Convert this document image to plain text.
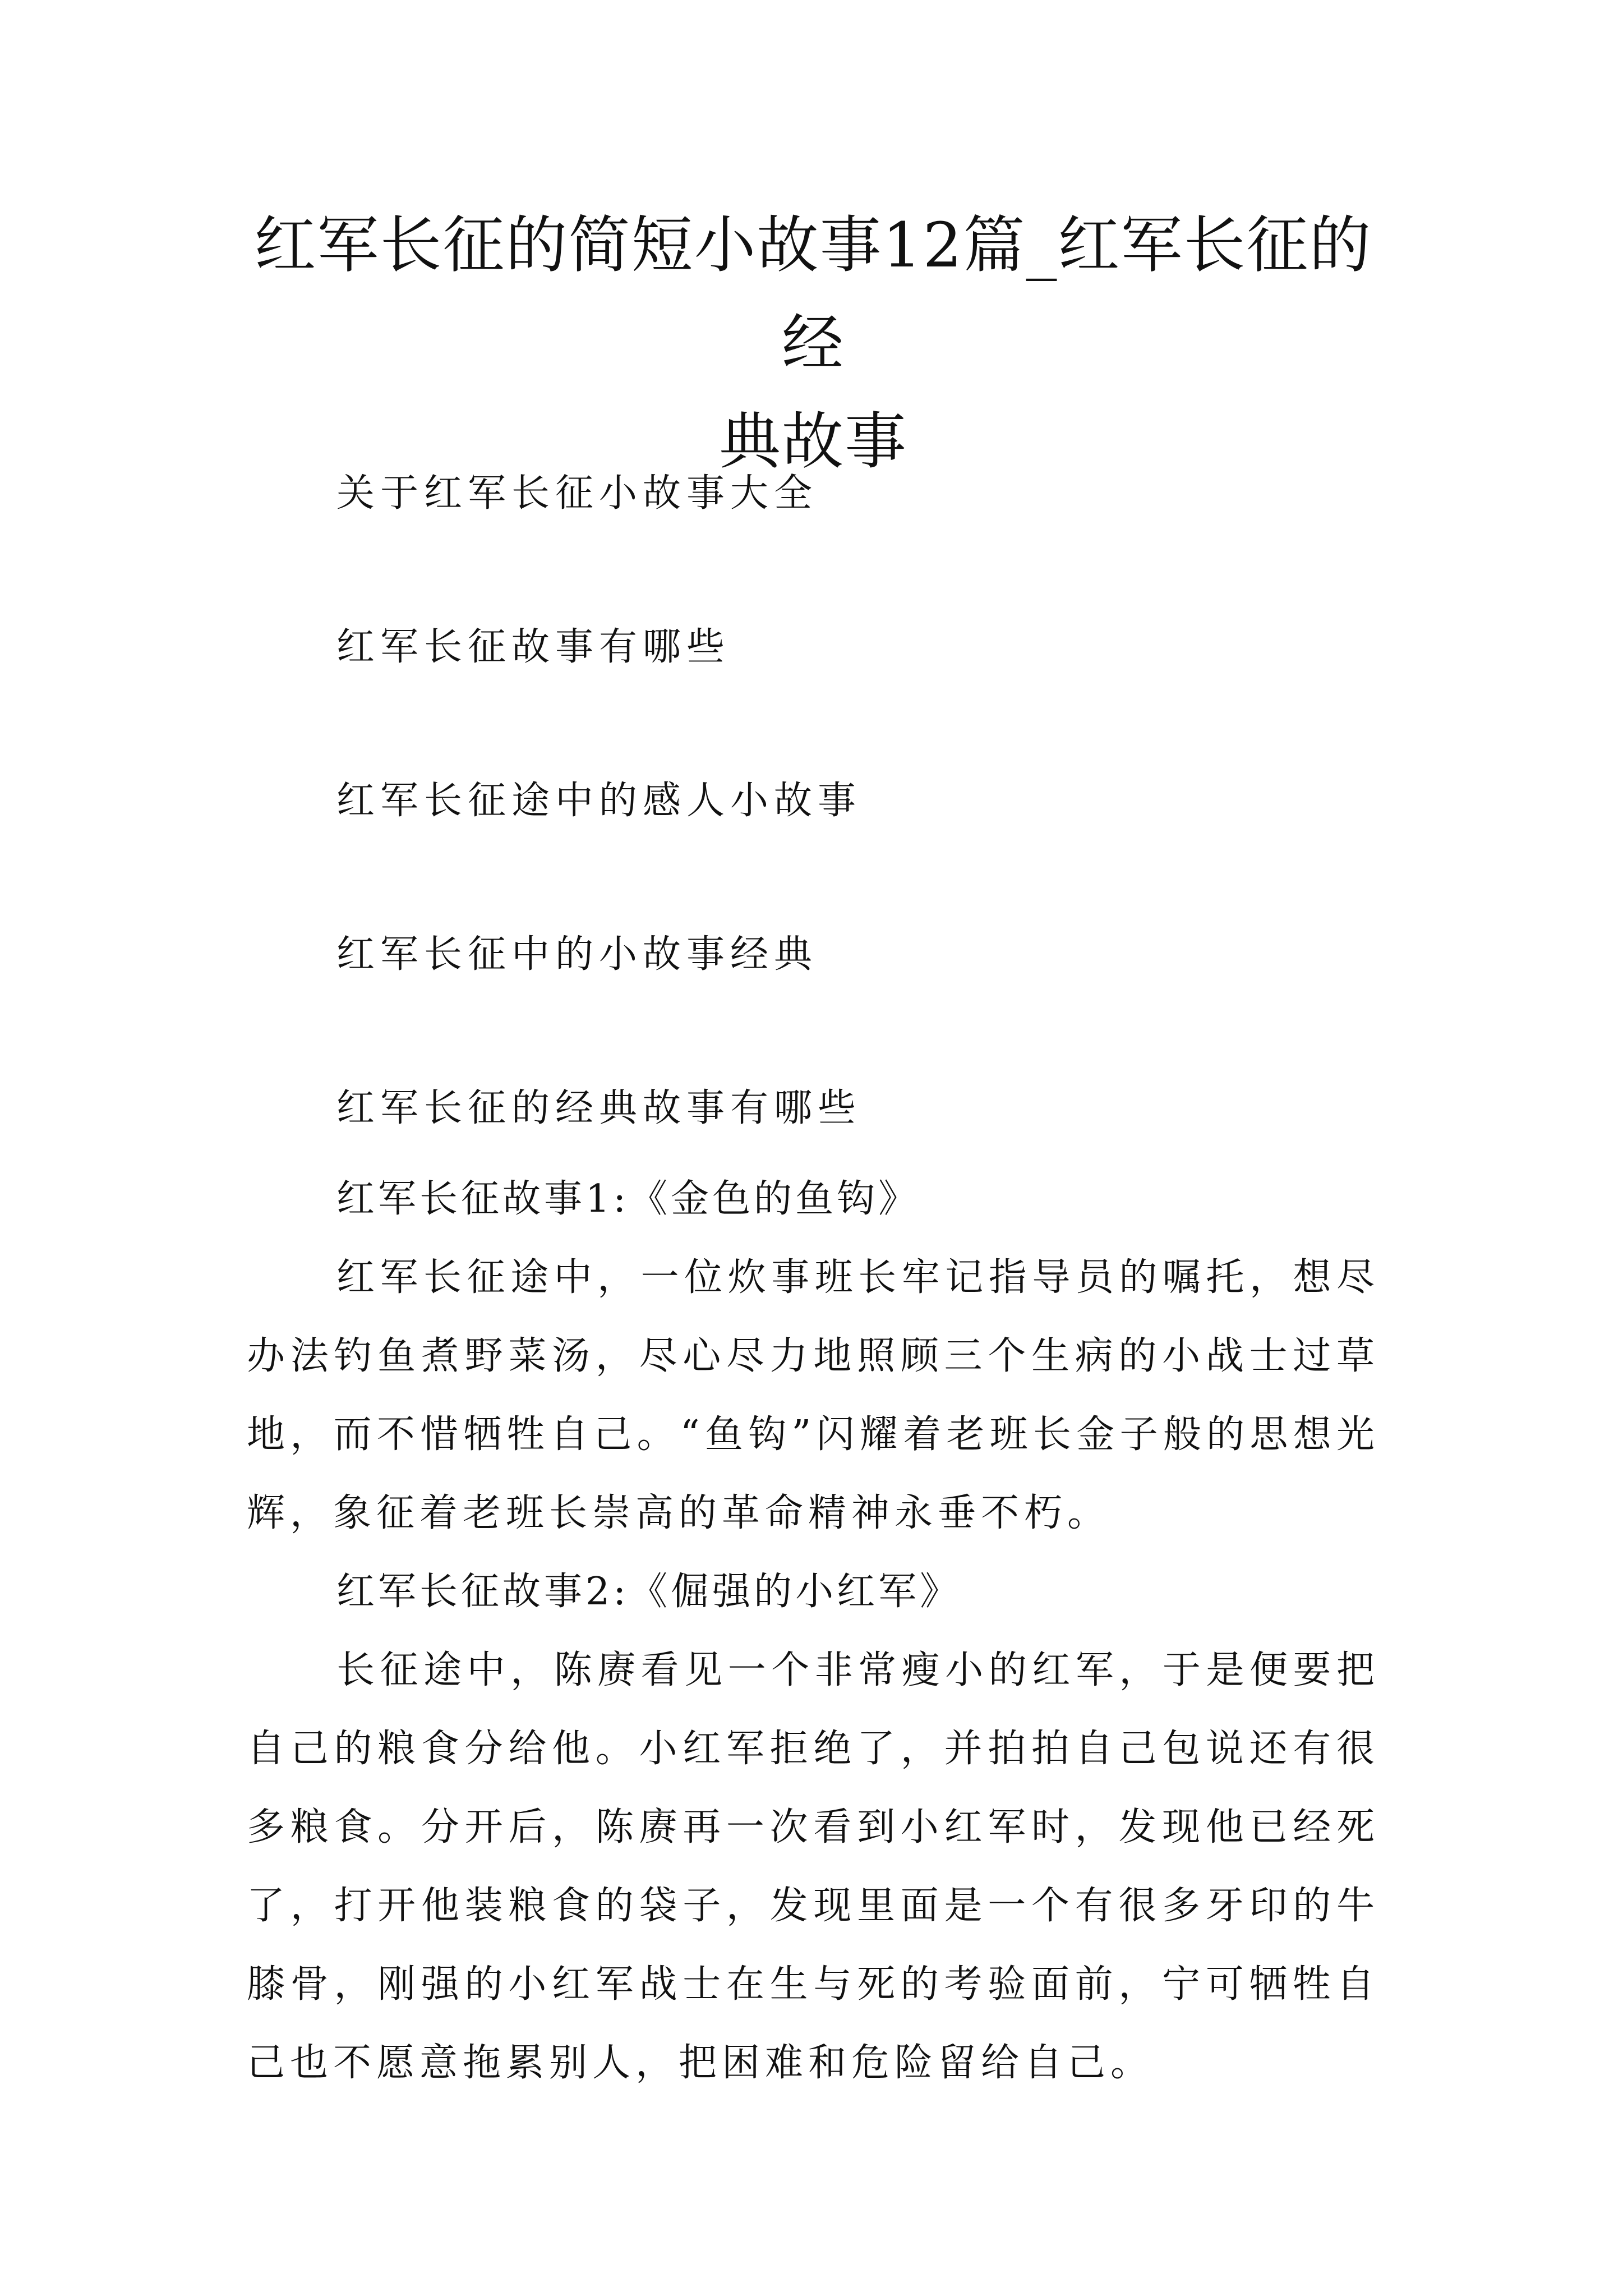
红军长征的简短小故事12篇_红军长征的经
典故事
关于红军长征小故事大全
红军长征故事有哪些
红军长征途中的感人小故事
红军长征中的小故事经典
红军长征的经典故事有哪些
红军长征故事1:《金色的鱼钩》

红军长征途中，一位炊事班长牢记指导员的嘱托，想尽办法钓鱼煮野菜汤，尽心尽力地照顾三个生病的小战士过草地，而不惜牺牲自己。“鱼钩”闪耀着老班长金子般的思想光辉，象征着老班长崇高的革命精神永垂不朽。

红军长征故事2:《倔强的小红军》

长征途中，陈赓看见一个非常瘦小的红军，于是便要把自己的粮食分给他。小红军拒绝了，并拍拍自己包说还有很多粮食。分开后，陈赓再一次看到小红军时，发现他已经死了，打开他装粮食的袋子，发现里面是一个有很多牙印的牛膝骨，刚强的小红军战士在生与死的考验面前，宁可牺牲自己也不愿意拖累别人，把困难和危险留给自己。
